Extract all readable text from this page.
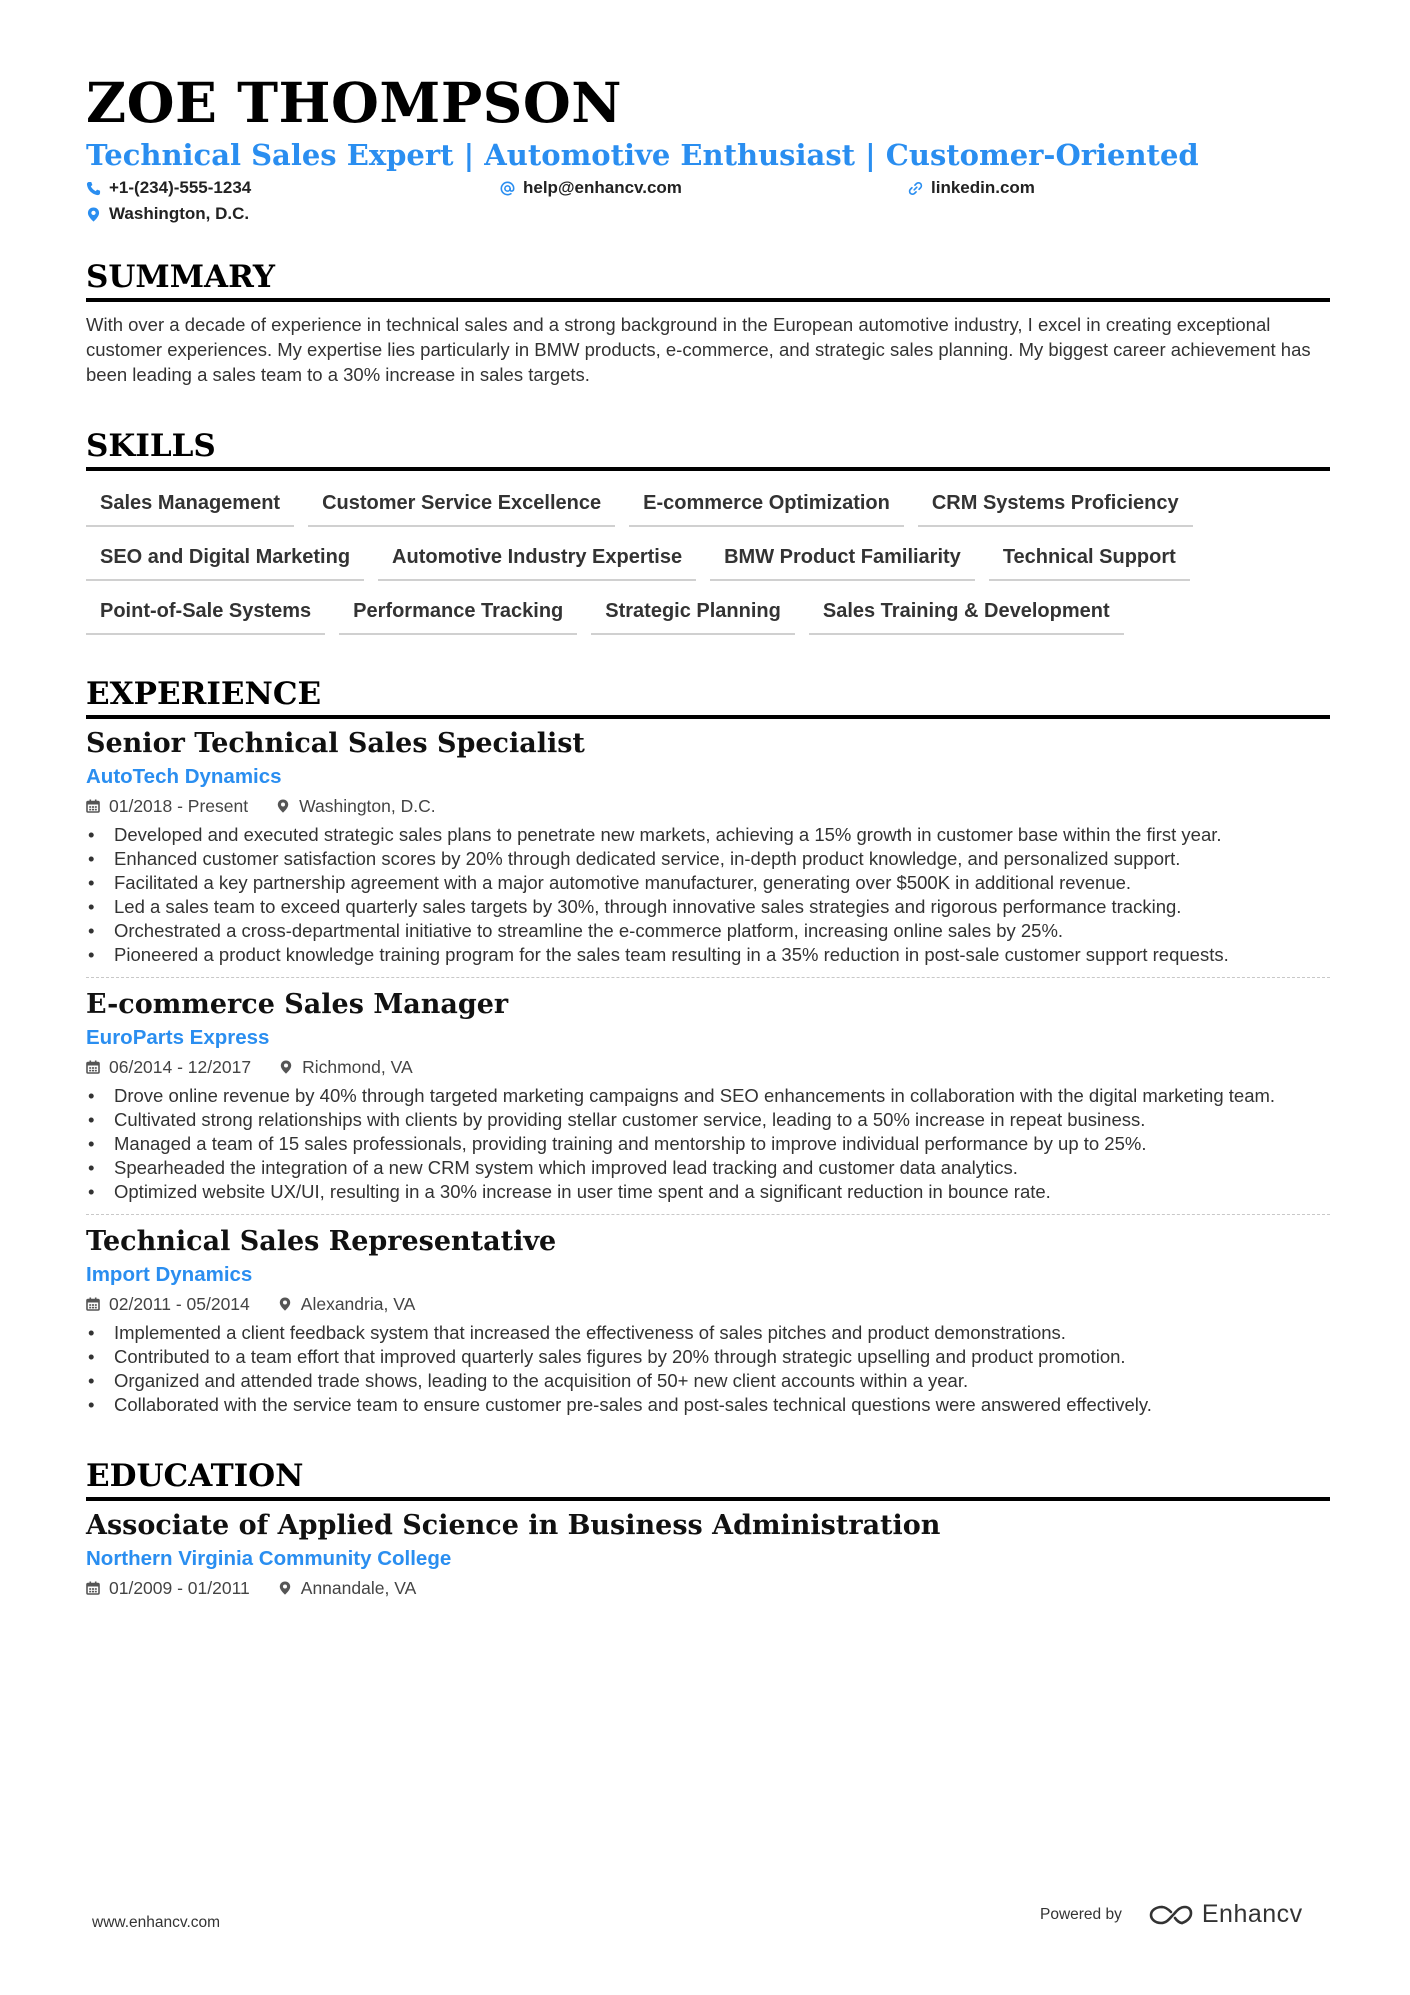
ZOE THOMPSON
Technical Sales Expert | Automotive Enthusiast | Customer-Oriented
+1-(234)-555-1234	help@enhancv.com	linkedin.com
Washington, D.C.
SUMMARY
With over a decade of experience in technical sales and a strong background in the European automotive industry, I excel in creating exceptional customer experiences. My expertise lies particularly in BMW products, e-commerce, and strategic sales planning. My biggest career achievement has been leading a sales team to a 30% increase in sales targets.
SKILLS
Sales Management	Customer Service Excellence	E-commerce Optimization	CRM Systems Proficiency
SEO and Digital Marketing	Automotive Industry Expertise	BMW Product Familiarity	Technical Support
Point-of-Sale Systems	Performance Tracking	Strategic Planning	Sales Training & Development
EXPERIENCE
Senior Technical Sales Specialist
AutoTech Dynamics
01/2018 - Present	Washington, D.C.
• Developed and executed strategic sales plans to penetrate new markets, achieving a 15% growth in customer base within the first year.
• Enhanced customer satisfaction scores by 20% through dedicated service, in-depth product knowledge, and personalized support.
• Facilitated a key partnership agreement with a major automotive manufacturer, generating over $500K in additional revenue.
• Led a sales team to exceed quarterly sales targets by 30%, through innovative sales strategies and rigorous performance tracking.
• Orchestrated a cross-departmental initiative to streamline the e-commerce platform, increasing online sales by 25%.
• Pioneered a product knowledge training program for the sales team resulting in a 35% reduction in post-sale customer support requests.
E-commerce Sales Manager
EuroParts Express
06/2014 - 12/2017	Richmond, VA
• Drove online revenue by 40% through targeted marketing campaigns and SEO enhancements in collaboration with the digital marketing team.
• Cultivated strong relationships with clients by providing stellar customer service, leading to a 50% increase in repeat business.
• Managed a team of 15 sales professionals, providing training and mentorship to improve individual performance by up to 25%.
• Spearheaded the integration of a new CRM system which improved lead tracking and customer data analytics.
• Optimized website UX/UI, resulting in a 30% increase in user time spent and a significant reduction in bounce rate.
Technical Sales Representative
Import Dynamics
02/2011 - 05/2014	Alexandria, VA
• Implemented a client feedback system that increased the effectiveness of sales pitches and product demonstrations.
• Contributed to a team effort that improved quarterly sales figures by 20% through strategic upselling and product promotion.
• Organized and attended trade shows, leading to the acquisition of 50+ new client accounts within a year.
• Collaborated with the service team to ensure customer pre-sales and post-sales technical questions were answered effectively.
EDUCATION
Associate of Applied Science in Business Administration
Northern Virginia Community College
01/2009 - 01/2011	Annandale, VA
www.enhancv.com	Powered by	Enhancv
